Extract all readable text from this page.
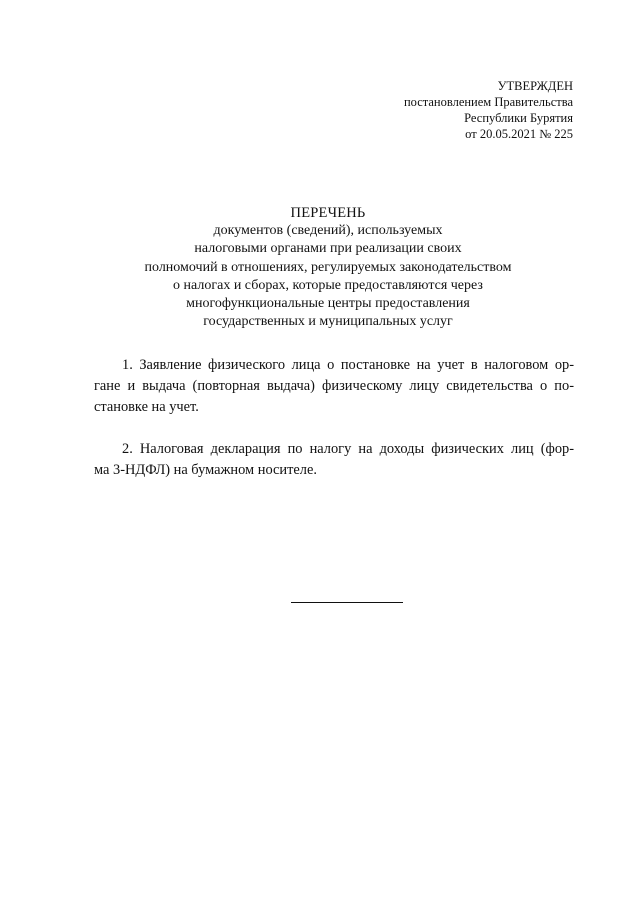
УТВЕРЖДЕН
постановлением Правительства
Республики Бурятия
от 20.05.2021 № 225
ПЕРЕЧЕНЬ
документов (сведений), используемых
налоговыми органами при реализации своих
полномочий в отношениях, регулируемых законодательством
о налогах и сборах, которые предоставляются через
многофункциональные центры предоставления
государственных и муниципальных услуг
1. Заявление физического лица о постановке на учет в налоговом ор-
гане и выдача (повторная выдача) физическому лицу свидетельства о по-
становке на учет.
2. Налоговая декларация по налогу на доходы физических лиц (фор-
ма 3-НДФЛ) на бумажном носителе.
